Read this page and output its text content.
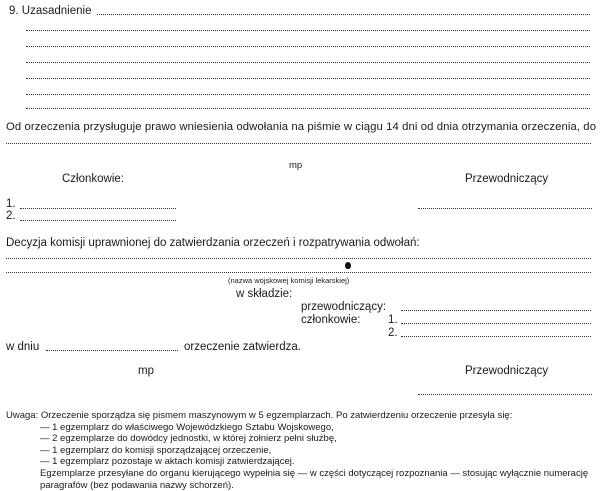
9. Uzasadnienie
Od orzeczenia przysługuje prawo wniesienia odwołania na piśmie w ciągu 14 dni od dnia otrzymania orzeczenia, do
mp
Członkowie:	Przewodniczący
1.
2.
Decyzja komisji uprawnionej do zatwierdzania orzeczeń i rozpatrywania odwołań:
(nazwa wojskowej komisji lekarskiej)
w składzie:
przewodniczący:
członkowie: 1.
2.
w dniu	orzeczenie zatwierdza.
mp	Przewodniczący
Uwaga: Orzeczenie sporządza się pismem maszynowym w 5 egzemplarzach. Po zatwierdzeniu orzeczenie przesyła się:
— 1 egzemplarz do właściwego Wojewódzkiego Sztabu Wojskowego,
— 2 egzemplarze do dowódcy jednostki, w której żołnierz pełni służbę,
— 1 egzemplarz do komisji sporządzającej orzeczenie,
— 1 egzemplarz pozostaje w aktach komisji zatwierdzającej.
Egzemplarze przesyłane do organu kierującego wypełnia się — w części dotyczącej rozpoznania — stosując wyłącznie numerację
paragrafów (bez podawania nazwy schorzeń).
